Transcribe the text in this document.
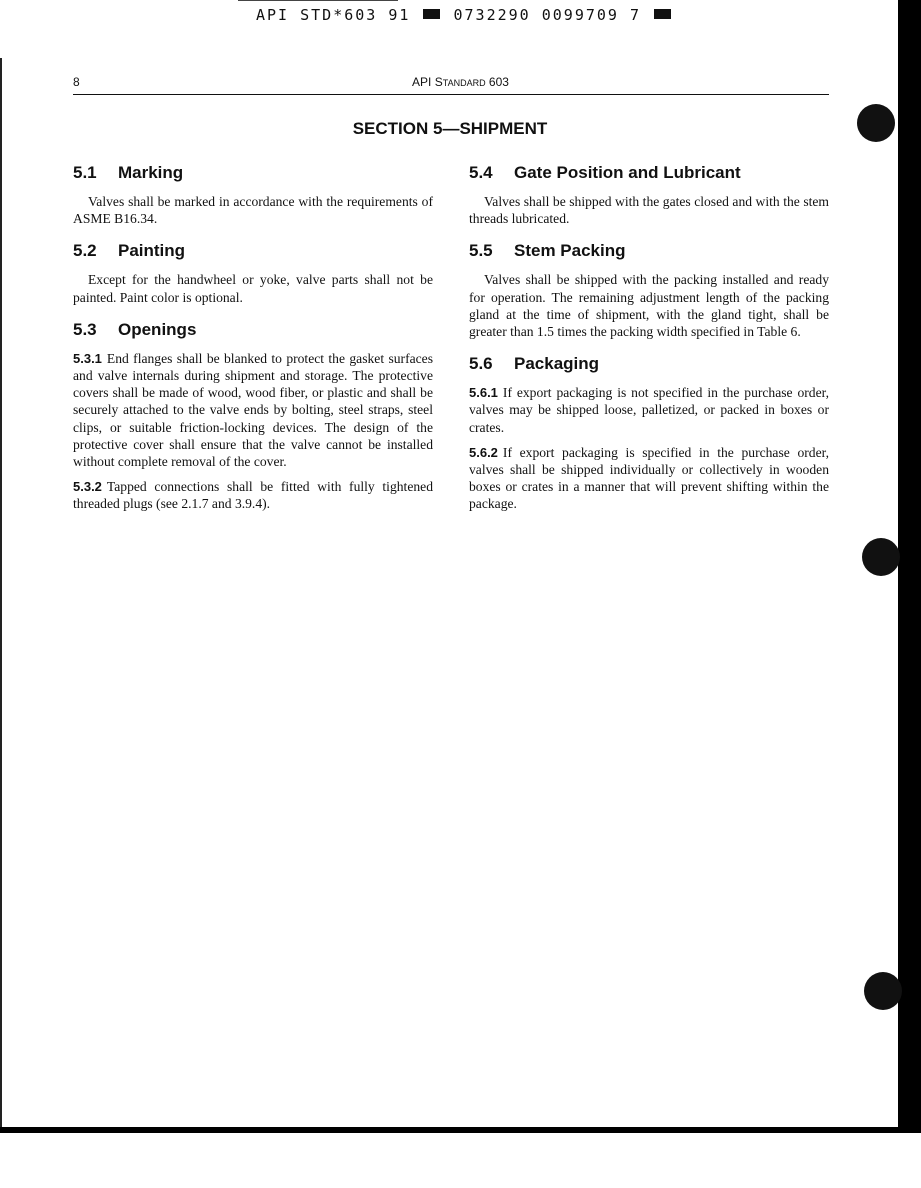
API STD*603 91	0732290 0099709 7
8	API STANDARD 603
SECTION 5—SHIPMENT
5.1 Marking

Valves shall be marked in accordance with the requirements of ASME B16.34.

5.2 Painting

Except for the handwheel or yoke, valve parts shall not be painted. Paint color is optional.

5.3 Openings

5.3.1 End flanges shall be blanked to protect the gasket surfaces and valve internals during shipment and storage. The protective covers shall be made of wood, wood fiber, or plastic and shall be securely attached to the valve ends by bolting, steel straps, steel clips, or suitable friction-locking devices. The design of the protective cover shall ensure that the valve cannot be installed without complete removal of the cover.

5.3.2 Tapped connections shall be fitted with fully tightened threaded plugs (see 2.1.7 and 3.9.4).

5.4 Gate Position and Lubricant

Valves shall be shipped with the gates closed and with the stem threads lubricated.

5.5 Stem Packing

Valves shall be shipped with the packing installed and ready for operation. The remaining adjustment length of the packing gland at the time of shipment, with the gland tight, shall be greater than 1.5 times the packing width specified in Table 6.

5.6 Packaging

5.6.1 If export packaging is not specified in the purchase order, valves may be shipped loose, palletized, or packed in boxes or crates.

5.6.2 If export packaging is specified in the purchase order, valves shall be shipped individually or collectively in wooden boxes or crates in a manner that will prevent shifting within the package.
